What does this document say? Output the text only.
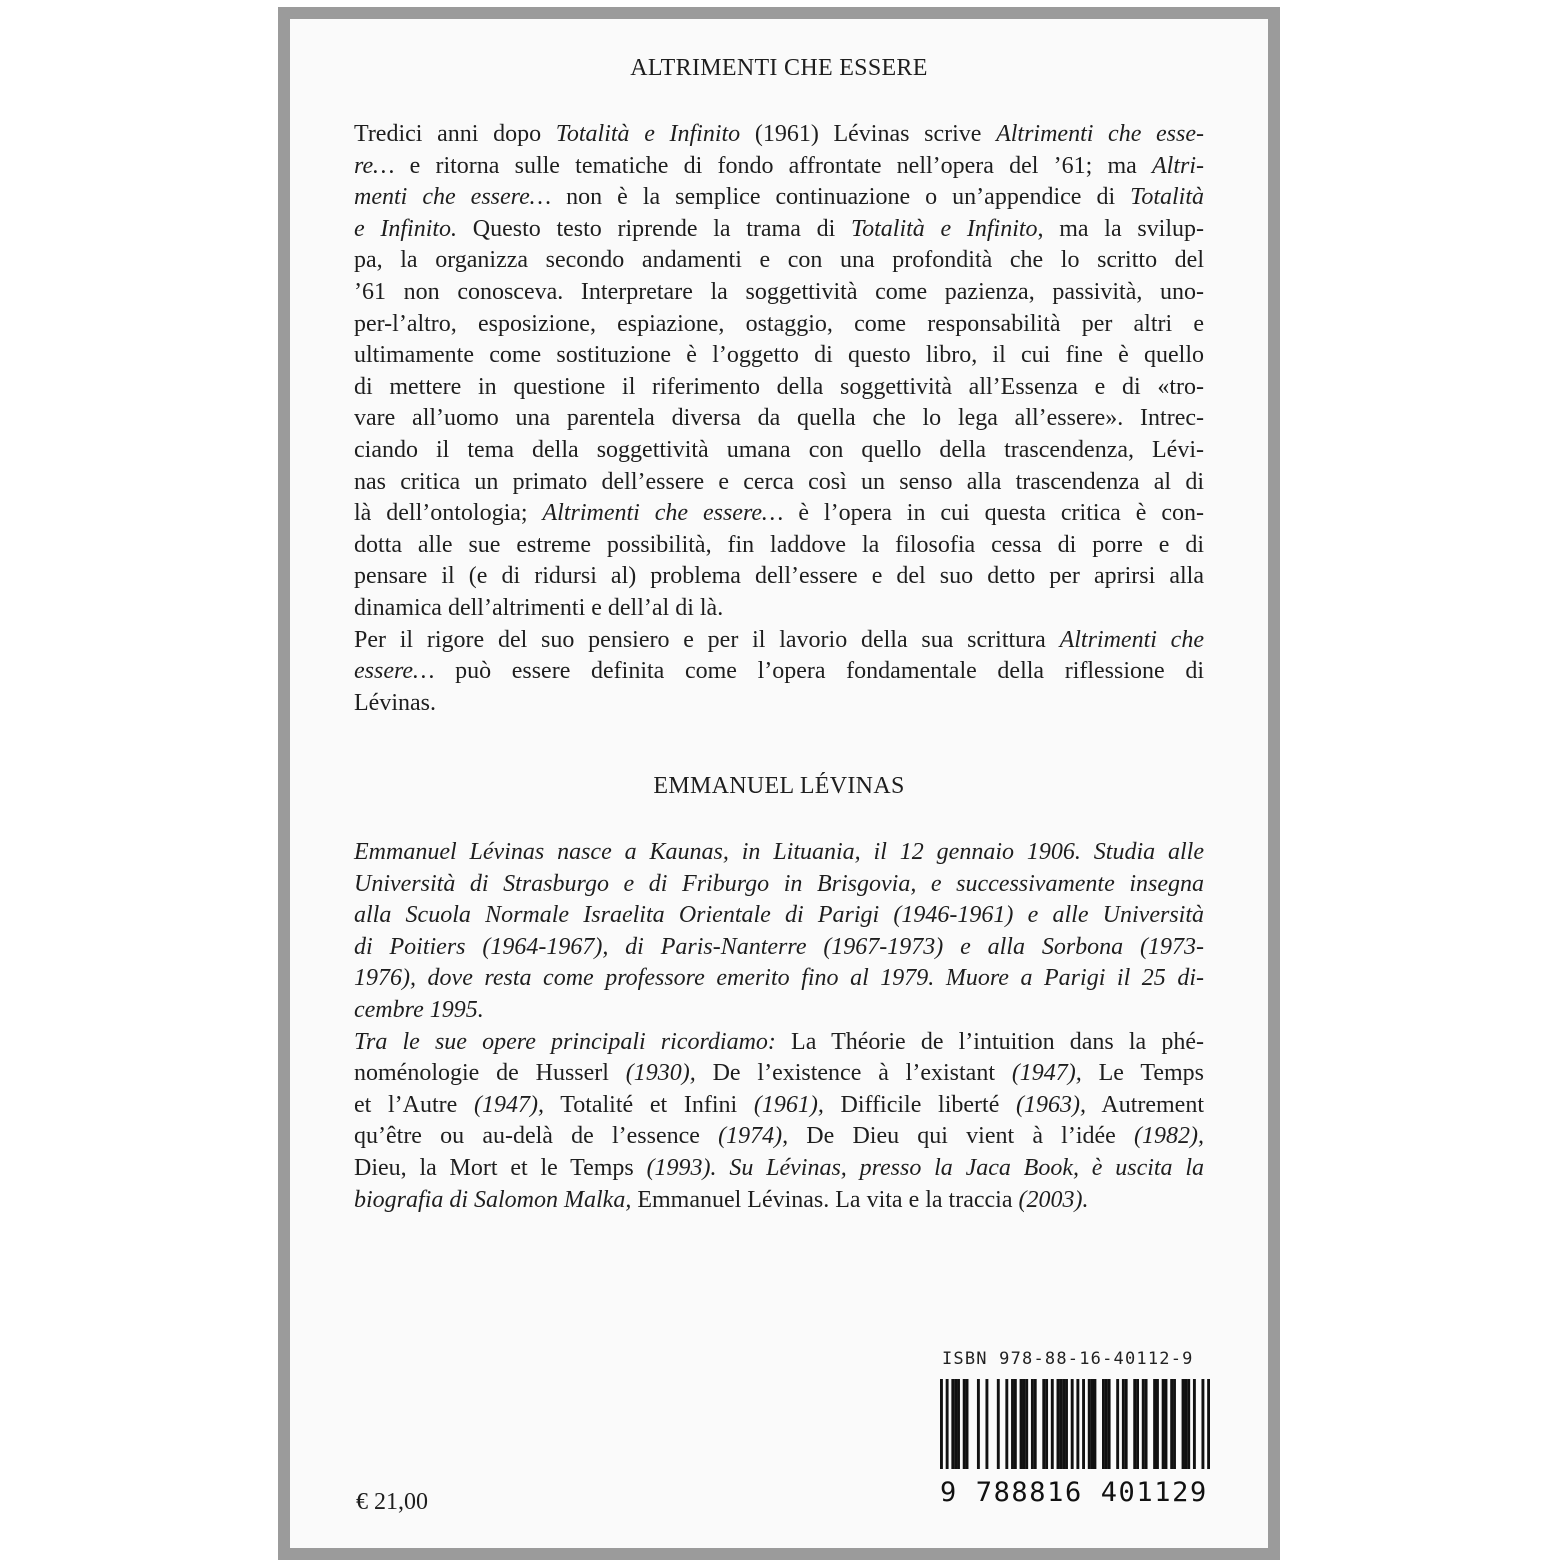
ALTRIMENTI CHE ESSERE
Tredici anni dopo Totalità e Infinito (1961) Lévinas scrive Altrimenti che esse-
re… e ritorna sulle tematiche di fondo affrontate nell’opera del ’61; ma Altri-
menti che essere… non è la semplice continuazione o un’appendice di Totalità
e Infinito. Questo testo riprende la trama di Totalità e Infinito, ma la svilup-
pa, la organizza secondo andamenti e con una profondità che lo scritto del
’61 non conosceva. Interpretare la soggettività come pazienza, passività, uno-
per-l’altro, esposizione, espiazione, ostaggio, come responsabilità per altri e
ultimamente come sostituzione è l’oggetto di questo libro, il cui fine è quello
di mettere in questione il riferimento della soggettività all’Essenza e di «tro-
vare all’uomo una parentela diversa da quella che lo lega all’essere». Intrec-
ciando il tema della soggettività umana con quello della trascendenza, Lévi-
nas critica un primato dell’essere e cerca così un senso alla trascendenza al di
là dell’ontologia; Altrimenti che essere… è l’opera in cui questa critica è con-
dotta alle sue estreme possibilità, fin laddove la filosofia cessa di porre e di
pensare il (e di ridursi al) problema dell’essere e del suo detto per aprirsi alla
dinamica dell’altrimenti e dell’al di là.
Per il rigore del suo pensiero e per il lavorio della sua scrittura Altrimenti che
essere… può essere definita come l’opera fondamentale della riflessione di
Lévinas.
EMMANUEL LÉVINAS
Emmanuel Lévinas nasce a Kaunas, in Lituania, il 12 gennaio 1906. Studia alle
Università di Strasburgo e di Friburgo in Brisgovia, e successivamente insegna
alla Scuola Normale Israelita Orientale di Parigi (1946-1961) e alle Università
di Poitiers (1964-1967), di Paris-Nanterre (1967-1973) e alla Sorbona (1973-
1976), dove resta come professore emerito fino al 1979. Muore a Parigi il 25 di-
cembre 1995.
Tra le sue opere principali ricordiamo: La Théorie de l’intuition dans la phé-
noménologie de Husserl (1930), De l’existence à l’existant (1947), Le Temps
et l’Autre (1947), Totalité et Infini (1961), Difficile liberté (1963), Autrement
qu’être ou au-delà de l’essence (1974), De Dieu qui vient à l’idée (1982),
Dieu, la Mort et le Temps (1993). Su Lévinas, presso la Jaca Book, è uscita la
biografia di Salomon Malka, Emmanuel Lévinas. La vita e la traccia (2003).
ISBN 978-88-16-40112-9
9 788816 401129
€ 21,00
